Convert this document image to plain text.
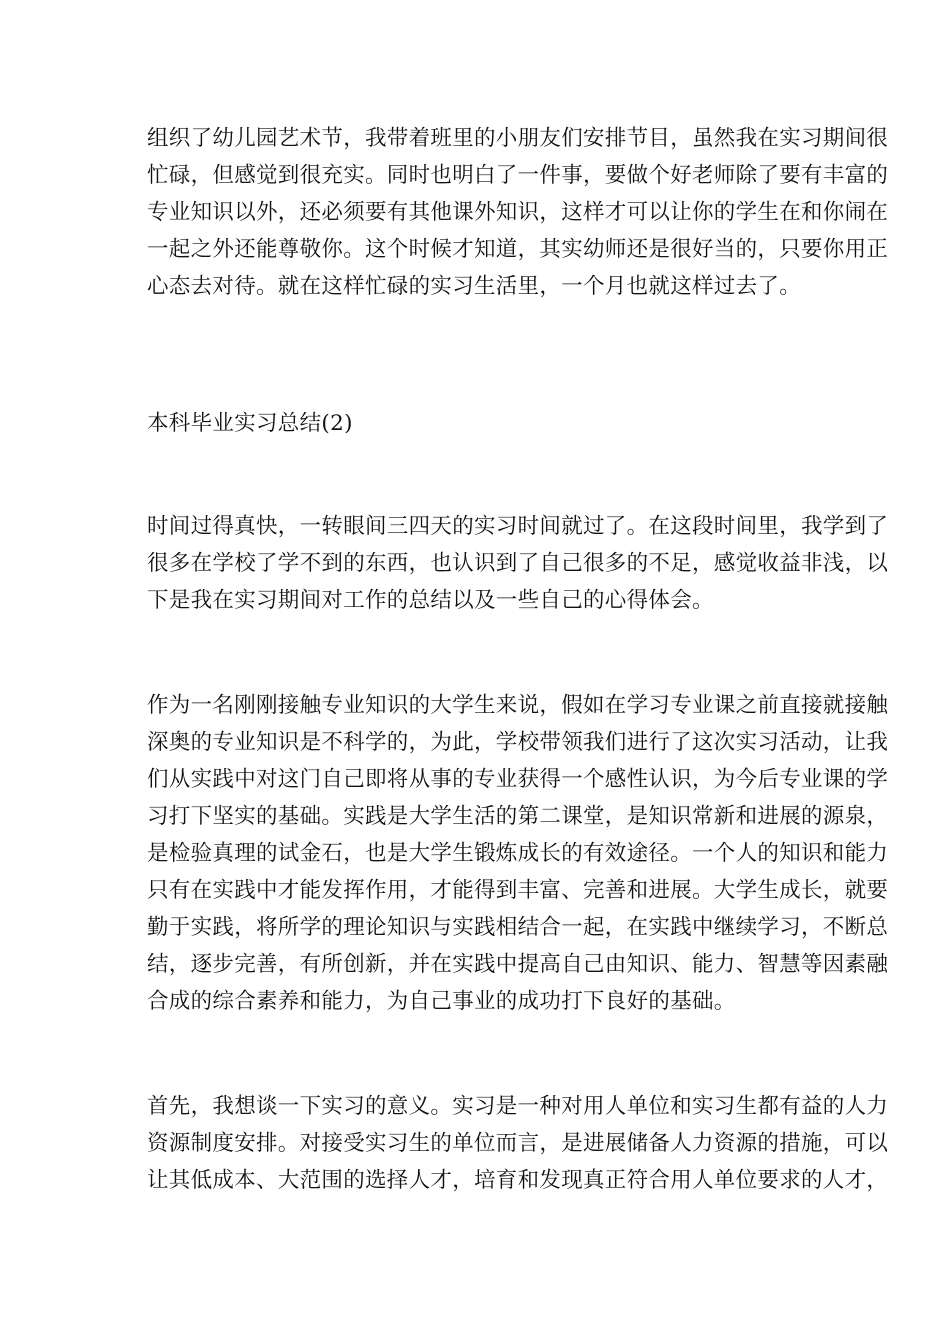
组织了幼儿园艺术节，我带着班里的小朋友们安排节目，虽然我在实习期间很
忙碌，但感觉到很充实。同时也明白了一件事，要做个好老师除了要有丰富的
专业知识以外，还必须要有其他课外知识，这样才可以让你的学生在和你闹在
一起之外还能尊敬你。这个时候才知道，其实幼师还是很好当的，只要你用正
心态去对待。就在这样忙碌的实习生活里，一个月也就这样过去了。
本科毕业实习总结(2)
时间过得真快，一转眼间三四天的实习时间就过了。在这段时间里，我学到了
很多在学校了学不到的东西，也认识到了自己很多的不足，感觉收益非浅，以
下是我在实习期间对工作的总结以及一些自己的心得体会。
作为一名刚刚接触专业知识的大学生来说，假如在学习专业课之前直接就接触
深奥的专业知识是不科学的，为此，学校带领我们进行了这次实习活动，让我
们从实践中对这门自己即将从事的专业获得一个感性认识，为今后专业课的学
习打下坚实的基础。实践是大学生活的第二课堂，是知识常新和进展的源泉，
是检验真理的试金石，也是大学生锻炼成长的有效途径。一个人的知识和能力
只有在实践中才能发挥作用，才能得到丰富、完善和进展。大学生成长，就要
勤于实践，将所学的理论知识与实践相结合一起，在实践中继续学习，不断总
结，逐步完善，有所创新，并在实践中提高自己由知识、能力、智慧等因素融
合成的综合素养和能力，为自己事业的成功打下良好的基础。
首先，我想谈一下实习的意义。实习是一种对用人单位和实习生都有益的人力
资源制度安排。对接受实习生的单位而言，是进展储备人力资源的措施，可以
让其低成本、大范围的选择人才，培育和发现真正符合用人单位要求的人才，
